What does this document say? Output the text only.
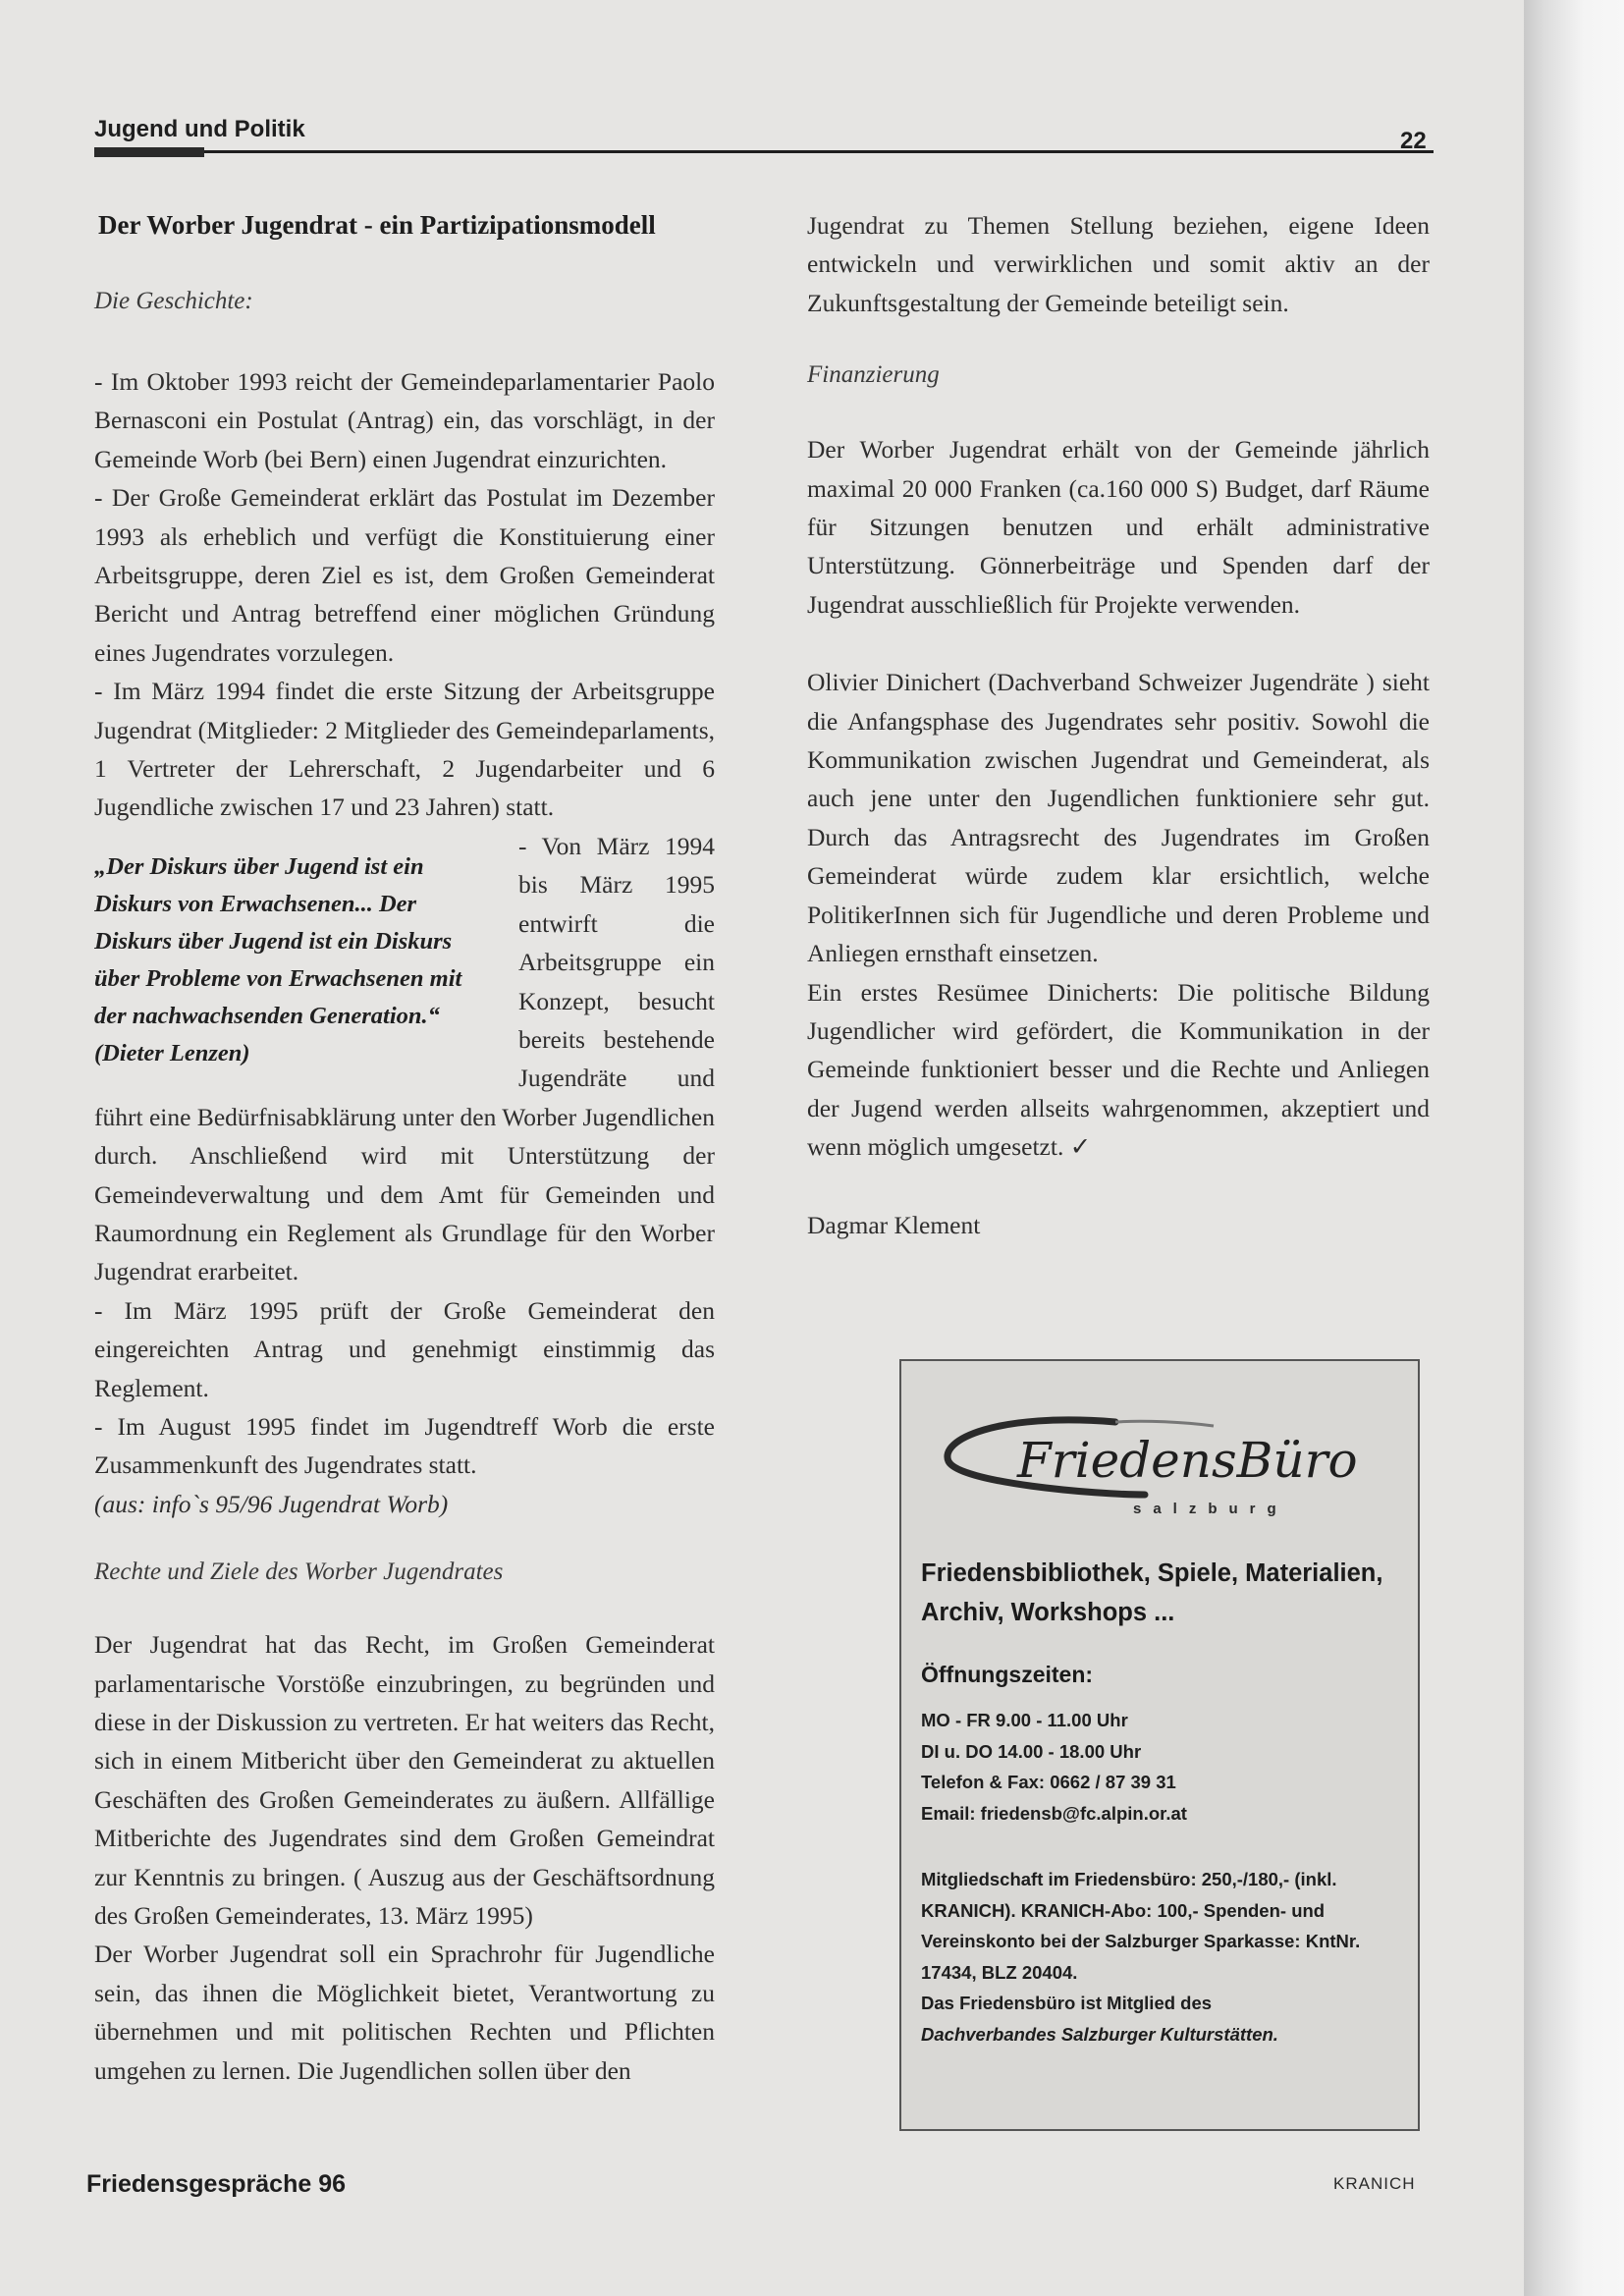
Jugend und Politik	22
Der Worber Jugendrat - ein Partizipationsmodell
Die Geschichte:

- Im Oktober 1993 reicht der Gemeindeparlamentarier Paolo Bernasconi ein Postulat (Antrag) ein, das vorschlägt, in der Gemeinde Worb (bei Bern) einen Jugendrat einzurichten.

- Der Große Gemeinderat erklärt das Postulat im Dezember 1993 als erheblich und verfügt die Konstituierung einer Arbeitsgruppe, deren Ziel es ist, dem Großen Gemeinderat Bericht und Antrag betreffend einer möglichen Gründung eines Jugendrates vorzulegen.

- Im März 1994 findet die erste Sitzung der Arbeitsgruppe Jugendrat (Mitglieder: 2 Mitglieder des Gemeindeparlaments, 1 Vertreter der Lehrerschaft, 2 Jugendarbeiter und 6 Jugendliche zwischen 17 und 23 Jahren) statt.

„Der Diskurs über Jugend ist ein Diskurs von Erwachsenen... Der Diskurs über Jugend ist ein Diskurs über Probleme von Erwachsenen mit der nachwachsenden Generation.“ (Dieter Lenzen)

- Von März 1994 bis März 1995 entwirft die Arbeitsgruppe ein Konzept, besucht bereits bestehende Jugendräte und führt eine Bedürfnisabklärung unter den Worber Jugendlichen durch. Anschließend wird mit Unterstützung der Gemeindeverwaltung und dem Amt für Gemeinden und Raumordnung ein Reglement als Grundlage für den Worber Jugendrat erarbeitet.

- Im März 1995 prüft der Große Gemeinderat den eingereichten Antrag und genehmigt einstimmig das Reglement.

- Im August 1995 findet im Jugendtreff Worb die erste Zusammenkunft des Jugendrates statt.

(aus: info`s 95/96 Jugendrat Worb)

Rechte und Ziele des Worber Jugendrates

Der Jugendrat hat das Recht, im Großen Gemeinderat parlamentarische Vorstöße einzubringen, zu begründen und diese in der Diskussion zu vertreten. Er hat weiters das Recht, sich in einem Mitbericht über den Gemeinderat zu aktuellen Geschäften des Großen Gemeinderates zu äußern. Allfällige Mitberichte des Jugendrates sind dem Großen Gemeindrat zur Kenntnis zu bringen. ( Auszug aus der Geschäftsordnung des Großen Gemeinderates, 13. März 1995)

Der Worber Jugendrat soll ein Sprachrohr für Jugendliche sein, das ihnen die Möglichkeit bietet, Verantwortung zu übernehmen und mit politischen Rechten und Pflichten umgehen zu lernen. Die Jugendlichen sollen über den

Jugendrat zu Themen Stellung beziehen, eigene Ideen entwickeln und verwirklichen und somit aktiv an der Zukunftsgestaltung der Gemeinde beteiligt sein.

Finanzierung

Der Worber Jugendrat erhält von der Gemeinde jährlich maximal 20 000 Franken (ca.160 000 S) Budget, darf Räume für Sitzungen benutzen und erhält administrative Unterstützung. Gönnerbeiträge und Spenden darf der Jugendrat ausschließlich für Projekte verwenden.

Olivier Dinichert (Dachverband Schweizer Jugendräte ) sieht die Anfangsphase des Jugendrates sehr positiv. Sowohl die Kommunikation zwischen Jugendrat und Gemeinderat, als auch jene unter den Jugendlichen funktioniere sehr gut. Durch das Antragsrecht des Jugendrates im Großen Gemeinderat würde zudem klar ersichtlich, welche PolitikerInnen sich für Jugendliche und deren Probleme und Anliegen ernsthaft einsetzen.

Ein erstes Resümee Dinicherts: Die politische Bildung Jugendlicher wird gefördert, die Kommunikation in der Gemeinde funktioniert besser und die Rechte und Anliegen der Jugend werden allseits wahrgenommen, akzeptiert und wenn möglich umgesetzt. ✓

Dagmar Klement

FriedensBüro
salzburg
Friedensbibliothek, Spiele, Materialien, Archiv, Workshops ...
Öffnungszeiten:
MO - FR 9.00 - 11.00 Uhr
DI u. DO 14.00 - 18.00 Uhr
Telefon & Fax: 0662 / 87 39 31
Email: friedensb@fc.alpin.or.at
Mitgliedschaft im Friedensbüro: 250,-/180,- (inkl. KRANICH). KRANICH-Abo: 100,- Spenden- und Vereinskonto bei der Salzburger Sparkasse: KntNr. 17434, BLZ 20404.
Das Friedensbüro ist Mitglied des
Dachverbandes Salzburger Kulturstätten.
Friedensgespräche 96	KRANICH
